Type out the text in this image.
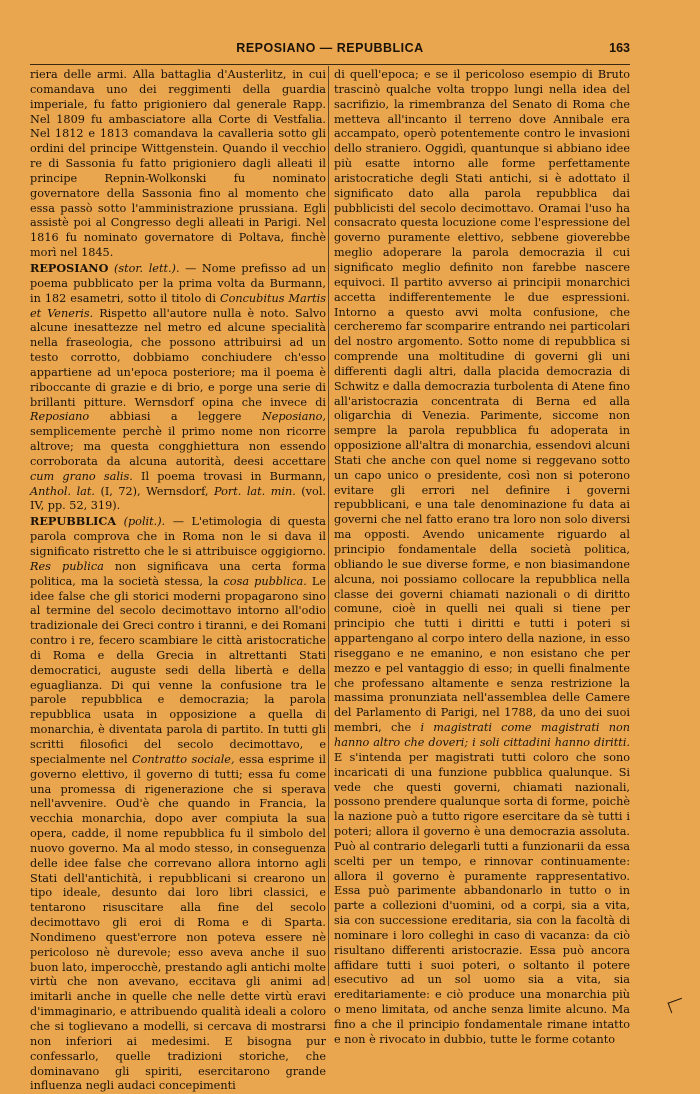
REPOSIANO — REPUBBLICA	163

riera delle armi. Alla battaglia d'Austerlitz, in cui comandava uno dei reggimenti della guardia imperiale, fu fatto prigioniero dal generale Rapp. Nel 1809 fu ambasciatore alla Corte di Vestfalia. Nel 1812 e 1813 comandava la cavalleria sotto gli ordini del principe Wittgenstein. Quando il vecchio re di Sassonia fu fatto prigioniero dagli alleati il principe Repnin-Wolkonski fu nominato governatore della Sassonia fino al momento che essa passò sotto l'amministrazione prussiana. Egli assistè poi al Congresso degli alleati in Parigi. Nel 1816 fu nominato governatore di Poltava, finchè morì nel 1845.

REPOSIANO (stor. lett.). — Nome prefisso ad un poema pubblicato per la prima volta da Burmann, in 182 esametri, sotto il titolo di Concubitus Martis et Veneris. Rispetto all'autore nulla è noto. Salvo alcune inesattezze nel metro ed alcune specialità nella fraseologia, che possono attribuirsi ad un testo corrotto, dobbiamo conchiudere ch'esso appartiene ad un'epoca posteriore; ma il poema è riboccante di grazie e di brio, e porge una serie di brillanti pitture. Wernsdorf opina che invece di Reposiano abbiasi a leggere Neposiano, semplicemente perchè il primo nome non ricorre altrove; ma questa congghiettura non essendo corroborata da alcuna autorità, deesi accettare cum grano salis. Il poema trovasi in Burmann, Anthol. lat. (I, 72), Wernsdorf, Port. lat. min. (vol. IV, pp. 52, 319).

REPUBBLICA (polit.). — L'etimologia di questa parola comprova che in Roma non le si dava il significato ristretto che le si attribuisce oggigiorno. Res publica non significava una certa forma politica, ma la società stessa, la cosa pubblica. Le idee false che gli storici moderni propagarono sino al termine del secolo decimottavo intorno all'odio tradizionale dei Greci contro i tiranni, e dei Romani contro i re, fecero scambiare le città aristocratiche di Roma e della Grecia in altrettanti Stati democratici, auguste sedi della libertà e della eguaglianza. Di qui venne la confusione tra le parole repubblica e democrazia; la parola repubblica usata in opposizione a quella di monarchia, è diventata parola di partito. In tutti gli scritti filosofici del secolo decimottavo, e specialmente nel Contratto sociale, essa esprime il governo elettivo, il governo di tutti; essa fu come una promessa di rigenerazione che si sperava nell'avvenire. Oud'è che quando in Francia, la vecchia monarchia, dopo aver compiuta la sua opera, cadde, il nome repubblica fu il simbolo del nuovo governo. Ma al modo stesso, in conseguenza delle idee false che correvano allora intorno agli Stati dell'antichità, i repubblicani si crearono un tipo ideale, desunto dai loro libri classici, e tentarono risuscitare alla fine del secolo decimottavo gli eroi di Roma e di Sparta. Nondimeno quest'errore non poteva essere nè pericoloso nè durevole; esso aveva anche il suo buon lato, imperocchè, prestando agli antichi molte virtù che non avevano, eccitava gli animi ad imitarli anche in quelle che nelle dette virtù eravi d'immaginario, e attribuendo qualità ideali a coloro che si toglievano a modelli, si cercava di mostrarsi non inferiori ai medesimi. E bisogna pur confessarlo, quelle tradizioni storiche, che dominavano gli spiriti, esercitarono grande influenza negli audaci concepimenti

di quell'epoca; e se il pericoloso esempio di Bruto trascinò qualche volta troppo lungi nella idea del sacrifizio, la rimembranza del Senato di Roma che metteva all'incanto il terreno dove Annibale era accampato, operò potentemente contro le invasioni dello straniero. Oggidì, quantunque si abbiano idee più esatte intorno alle forme perfettamente aristocratiche degli Stati antichi, si è adottato il significato dato alla parola repubblica dai pubblicisti del secolo decimottavo. Oramai l'uso ha consacrato questa locuzione come l'espressione del governo puramente elettivo, sebbene gioverebbe meglio adoperare la parola democrazia il cui significato meglio definito non farebbe nascere equivoci. Il partito avverso ai principii monarchici accetta indifferentemente le due espressioni. Intorno a questo avvi molta confusione, che cercheremo far scomparire entrando nei particolari del nostro argomento. Sotto nome di repubblica si comprende una moltitudine di governi gli uni differenti dagli altri, dalla placida democrazia di Schwitz e dalla democrazia turbolenta di Atene fino all'aristocrazia concentrata di Berna ed alla oligarchia di Venezia. Parimente, siccome non sempre la parola repubblica fu adoperata in opposizione all'altra di monarchia, essendovi alcuni Stati che anche con quel nome si reggevano sotto un capo unico o presidente, così non si poterono evitare gli errori nel definire i governi repubblicani, e una tale denominazione fu data ai governi che nel fatto erano tra loro non solo diversi ma opposti. Avendo unicamente riguardo al principio fondamentale della società politica, obliando le sue diverse forme, e non biasimandone alcuna, noi possiamo collocare la repubblica nella classe dei governi chiamati nazionali o di diritto comune, cioè in quelli nei quali si tiene per principio che tutti i diritti e tutti i poteri si appartengano al corpo intero della nazione, in esso riseggano e ne emanino, e non esistano che per mezzo e pel vantaggio di esso; in quelli finalmente che professano altamente e senza restrizione la massima pronunziata nell'assemblea delle Camere del Parlamento di Parigi, nel 1788, da uno dei suoi membri, che i magistrati come magistrati non hanno altro che doveri; i soli cittadini hanno diritti. E s'intenda per magistrati tutti coloro che sono incaricati di una funzione pubblica qualunque. Si vede che questi governi, chiamati nazionali, possono prendere qualunque sorta di forme, poichè la nazione può a tutto rigore esercitare da sè tutti i poteri; allora il governo è una democrazia assoluta. Può al contrario delegarli tutti a funzionarii da essa scelti per un tempo, e rinnovar continuamente: allora il governo è puramente rappresentativo. Essa può parimente abbandonarlo in tutto o in parte a collezioni d'uomini, od a corpi, sia a vita, sia con successione ereditaria, sia con la facoltà di nominare i loro colleghi in caso di vacanza: da ciò risultano differenti aristocrazie. Essa può ancora affidare tutti i suoi poteri, o soltanto il potere esecutivo ad un sol uomo sia a vita, sia ereditariamente: e ciò produce una monarchia più o meno limitata, od anche senza limite alcuno. Ma fino a che il principio fondamentale rimane intatto e non è rivocato in dubbio, tutte le forme cotanto
